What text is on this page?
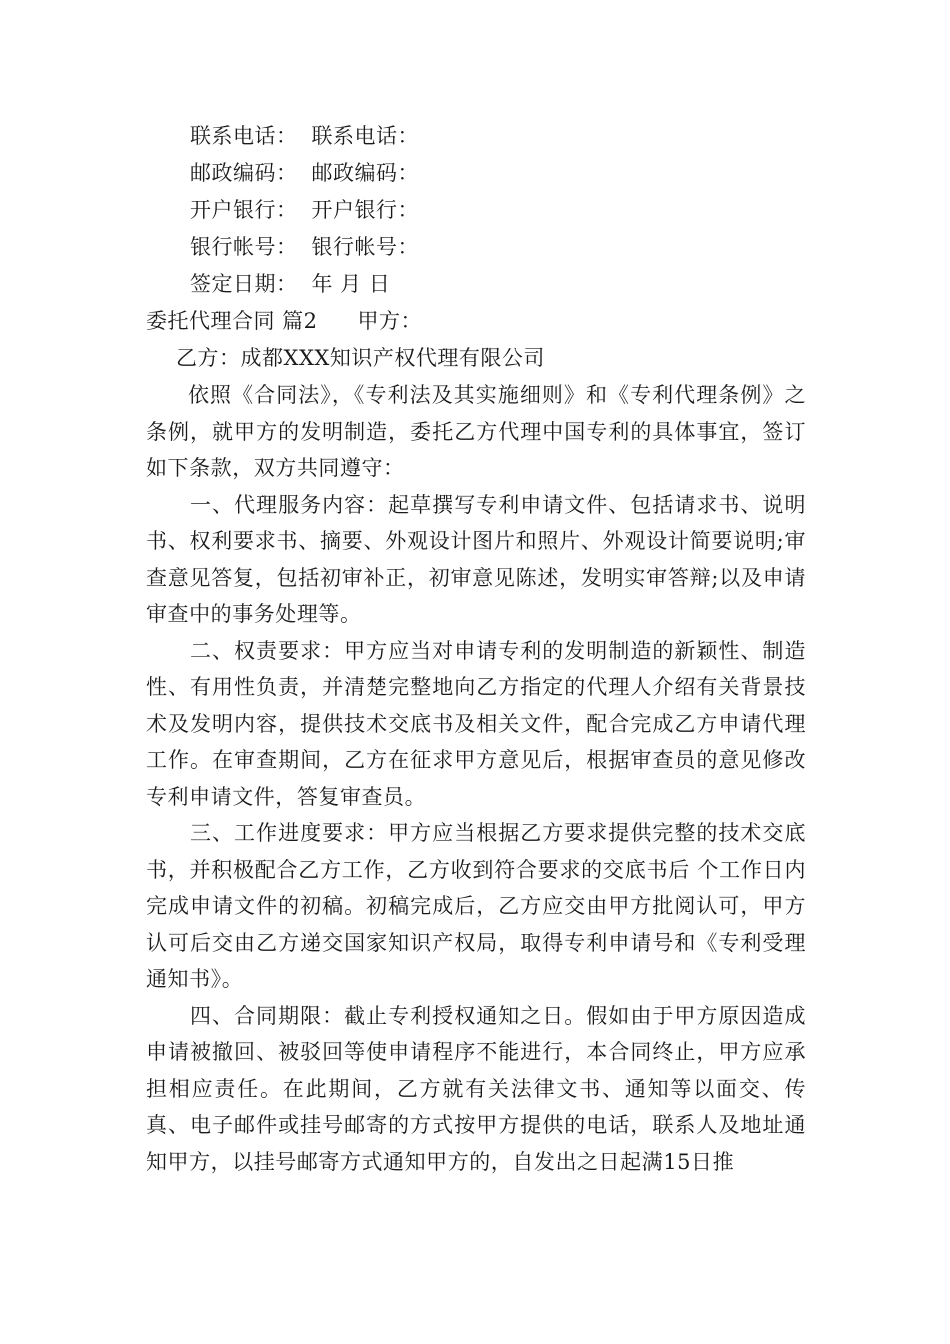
联系电话： 联系电话：
邮政编码： 邮政编码：
开户银行： 开户银行：
银行帐号： 银行帐号：
签定日期： 年 月 日
委托代理合同 篇2 甲方：
乙方：成都XXX知识产权代理有限公司
依照《合同法》，《专利法及其实施细则》和《专利代理条例》之条例，就甲方的发明制造，委托乙方代理中国专利的具体事宜，签订如下条款，双方共同遵守：
一、代理服务内容：起草撰写专利申请文件、包括请求书、说明书、权利要求书、摘要、外观设计图片和照片、外观设计简要说明;审查意见答复，包括初审补正，初审意见陈述，发明实审答辩;以及申请审查中的事务处理等。
二、权责要求：甲方应当对申请专利的发明制造的新颖性、制造性、有用性负责，并清楚完整地向乙方指定的代理人介绍有关背景技术及发明内容，提供技术交底书及相关文件，配合完成乙方申请代理工作。在审查期间，乙方在征求甲方意见后，根据审查员的意见修改专利申请文件，答复审查员。
三、工作进度要求：甲方应当根据乙方要求提供完整的技术交底书，并积极配合乙方工作，乙方收到符合要求的交底书后 个工作日内完成申请文件的初稿。初稿完成后，乙方应交由甲方批阅认可，甲方认可后交由乙方递交国家知识产权局，取得专利申请号和《专利受理通知书》。
四、合同期限：截止专利授权通知之日。假如由于甲方原因造成申请被撤回、被驳回等使申请程序不能进行，本合同终止，甲方应承担相应责任。在此期间，乙方就有关法律文书、通知等以面交、传真、电子邮件或挂号邮寄的方式按甲方提供的电话，联系人及地址通知甲方，以挂号邮寄方式通知甲方的，自发出之日起满15日推
